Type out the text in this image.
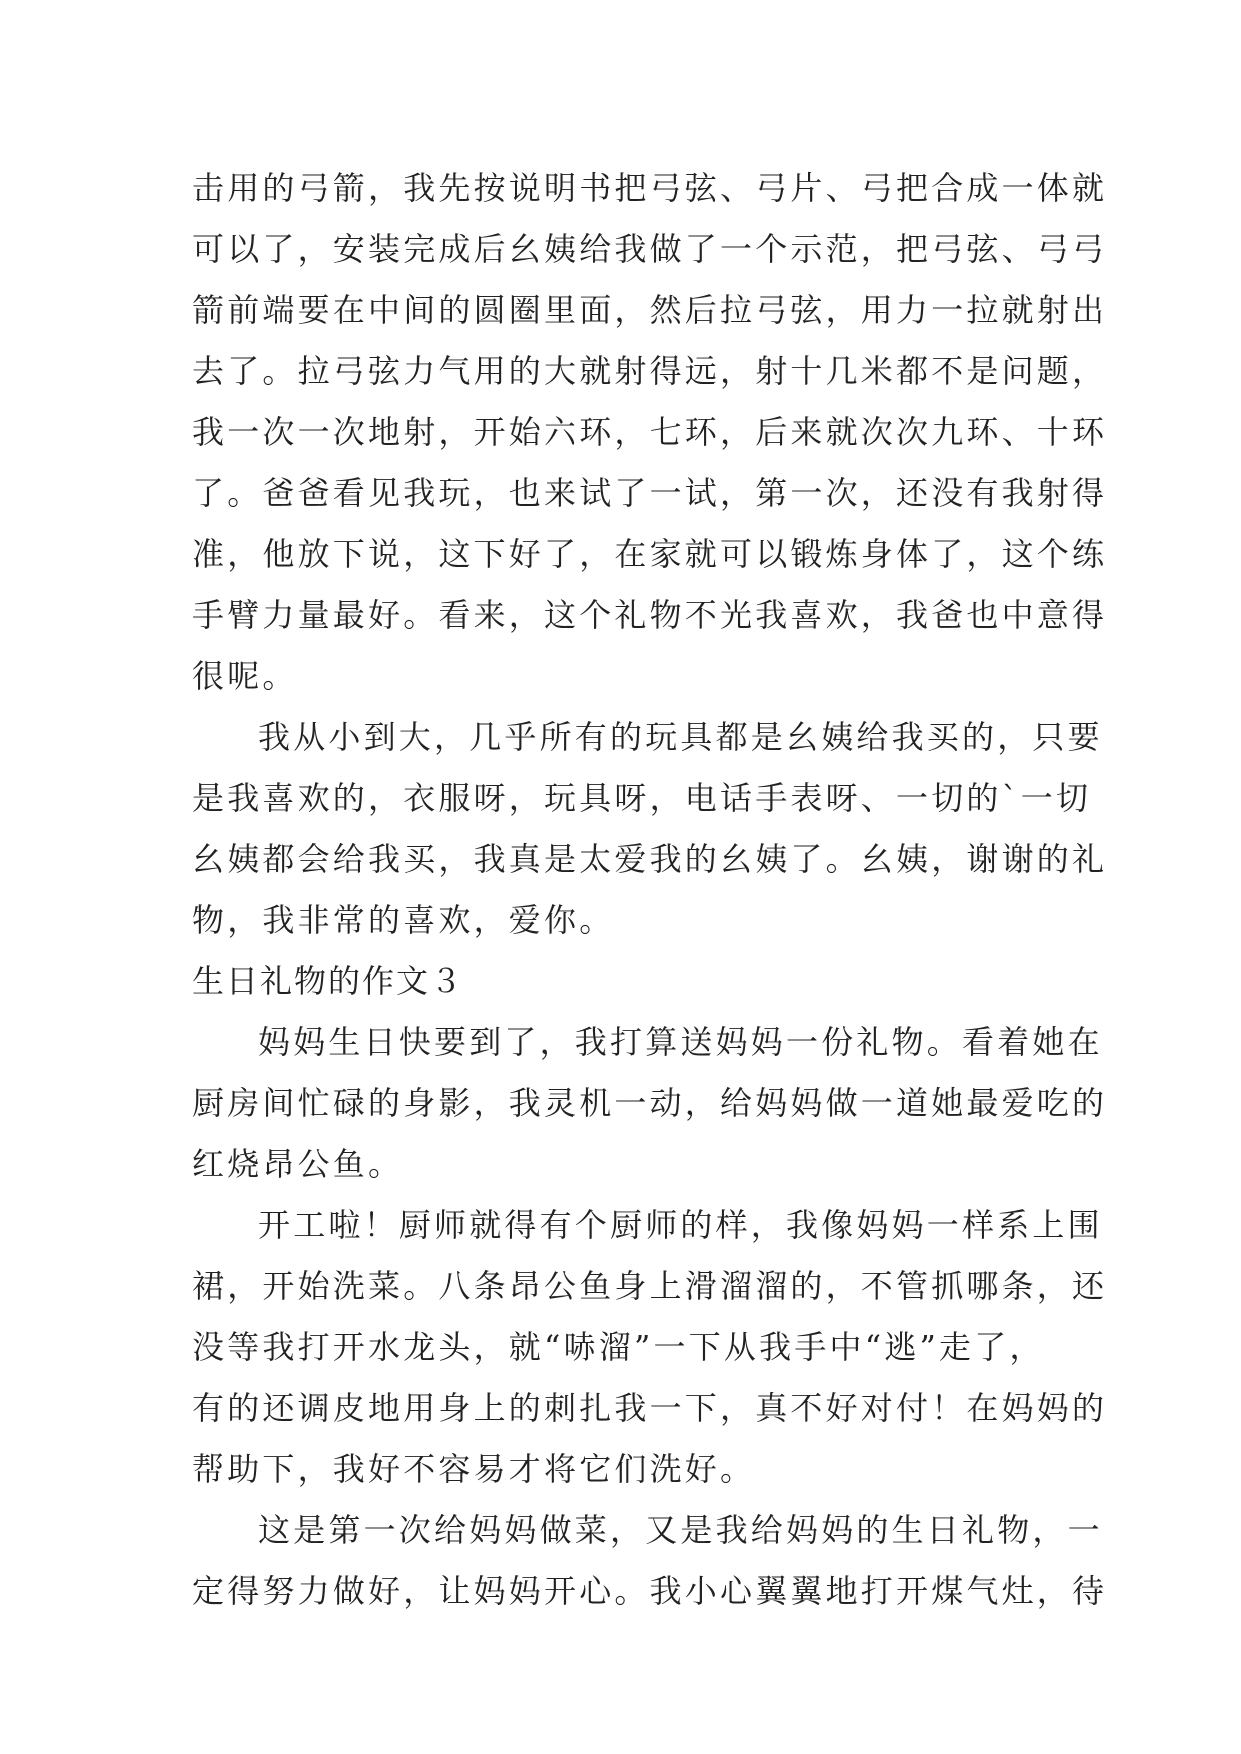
击用的弓箭，我先按说明书把弓弦、弓片、弓把合成一体就
可以了，安装完成后幺姨给我做了一个示范，把弓弦、弓弓
箭前端要在中间的圆圈里面，然后拉弓弦，用力一拉就射出
去了。拉弓弦力气用的大就射得远，射十几米都不是问题，
我一次一次地射，开始六环，七环，后来就次次九环、十环
了。爸爸看见我玩，也来试了一试，第一次，还没有我射得
准，他放下说，这下好了，在家就可以锻炼身体了，这个练
手臂力量最好。看来，这个礼物不光我喜欢，我爸也中意得
很呢。
我从小到大，几乎所有的玩具都是幺姨给我买的，只要
是我喜欢的，衣服呀，玩具呀，电话手表呀、一切的`一切
幺姨都会给我买，我真是太爱我的幺姨了。幺姨，谢谢的礼
物，我非常的喜欢，爱你。
生日礼物的作文３
妈妈生日快要到了，我打算送妈妈一份礼物。看着她在
厨房间忙碌的身影，我灵机一动，给妈妈做一道她最爱吃的
红烧昂公鱼。
开工啦！厨师就得有个厨师的样，我像妈妈一样系上围
裙，开始洗菜。八条昂公鱼身上滑溜溜的，不管抓哪条，还
没等我打开水龙头，就“哧溜”一下从我手中“逃”走了，
有的还调皮地用身上的刺扎我一下，真不好对付！在妈妈的
帮助下，我好不容易才将它们洗好。
这是第一次给妈妈做菜，又是我给妈妈的生日礼物，一
定得努力做好，让妈妈开心。我小心翼翼地打开煤气灶，待
